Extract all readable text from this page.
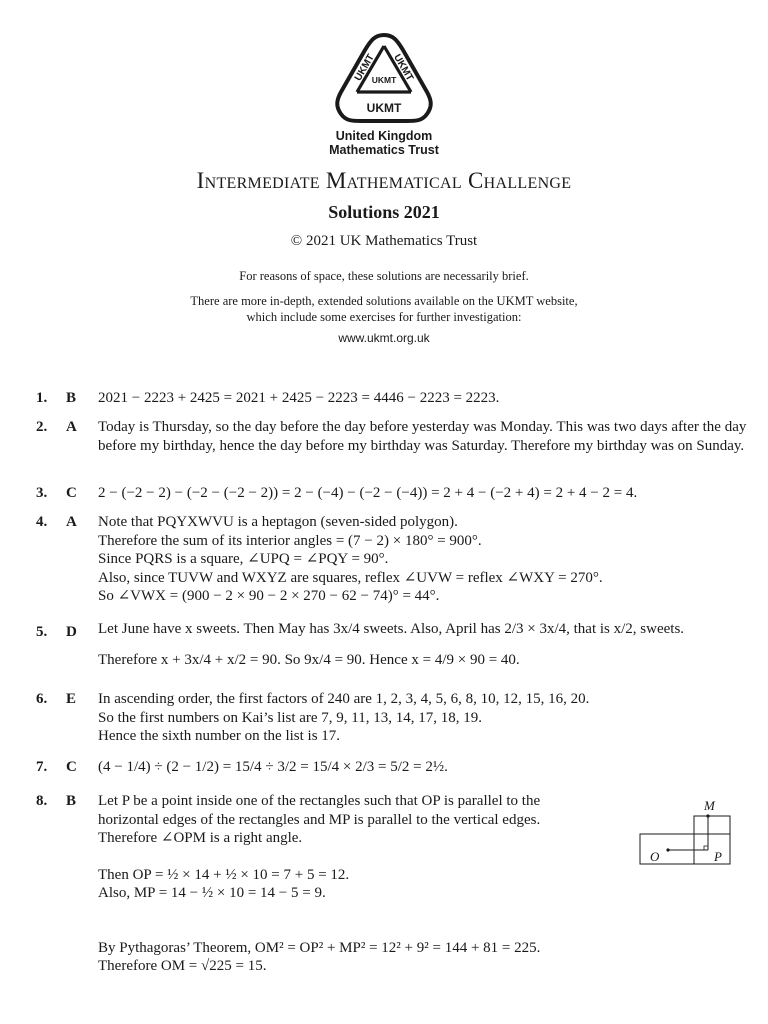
UKMT UKMT
UKMT
UKMT
United Kingdom
Mathematics Trust
Intermediate Mathematical Challenge
Solutions 2021
© 2021 UK Mathematics Trust
For reasons of space, these solutions are necessarily brief.
There are more in-depth, extended solutions available on the UKMT website,
which include some exercises for further investigation:
www.ukmt.org.uk
1.	B 2021 − 2223 + 2425 = 2021 + 2425 − 2223 = 4446 − 2223 = 2223.
2.	A Today is Thursday, so the day before the day before yesterday was Monday. This was two days after the day before my birthday, hence the day before my birthday was Saturday. Therefore my birthday was on Sunday.
3.	C 2 − (−2 − 2) − (−2 − (−2 − 2)) = 2 − (−4) − (−2 − (−4)) = 2 + 4 − (−2 + 4) = 2 + 4 − 2 = 4.
4.	A Note that PQYXWVU is a heptagon (seven-sided polygon).
Therefore the sum of its interior angles = (7 − 2) × 180° = 900°.
Since PQRS is a square, ∠UPQ = ∠PQY = 90°.
Also, since TUVW and WXYZ are squares, reflex ∠UVW = reflex ∠WXY = 270°.
So ∠VWX = (900 − 2 × 90 − 2 × 270 − 62 − 74)° = 44°.
5.	D Let June have x sweets. Then May has 3x/4 sweets. Also, April has 2/3 × 3x/4, that is x/2, sweets.
Therefore x + 3x/4 + x/2 = 90. So 9x/4 = 90. Hence x = 4/9 × 90 = 40.
6.	E In ascending order, the first factors of 240 are 1, 2, 3, 4, 5, 6, 8, 10, 12, 15, 16, 20.
So the first numbers on Kai’s list are 7, 9, 11, 13, 14, 17, 18, 19.
Hence the sixth number on the list is 17.
7.	C (4 − 1/4) ÷ (2 − 1/2) = 15/4 ÷ 3/2 = 15/4 × 2/3 = 5/2 = 2½.
8.	B Let P be a point inside one of the rectangles such that OP is parallel to the
horizontal edges of the rectangles and MP is parallel to the vertical edges.
Therefore ∠OPM is a right angle.
Then OP = ½ × 14 + ½ × 10 = 7 + 5 = 12.
Also, MP = 14 − ½ × 10 = 14 − 5 = 9.
By Pythagoras’ Theorem, OM² = OP² + MP² = 12² + 9² = 144 + 81 = 225.
Therefore OM = √225 = 15.
M
O	P
